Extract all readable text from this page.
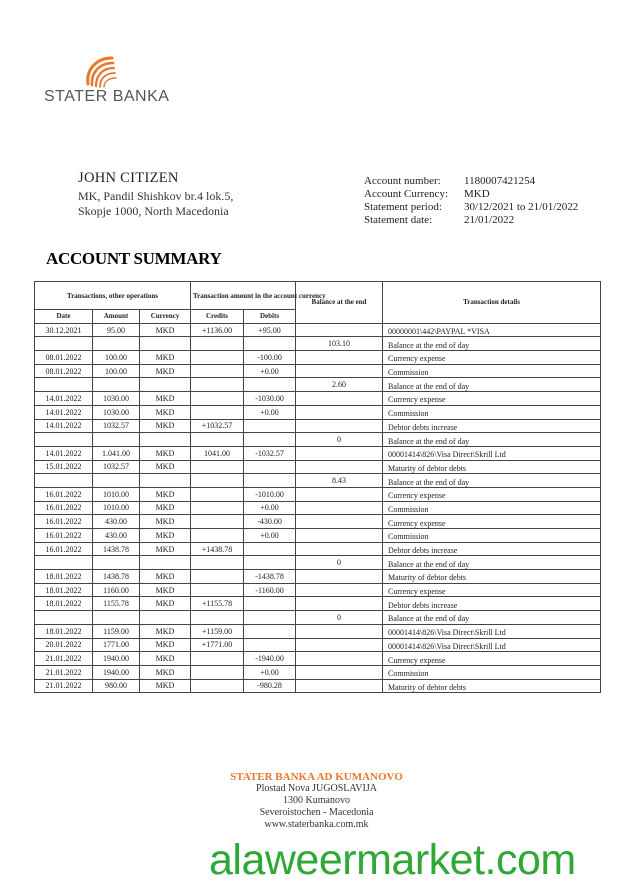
STATER BANKA
JOHN CITIZEN
MK, Pandil Shishkov br.4 lok.5,
Skopje 1000, North Macedonia
Account number:	1180007421254
Account Currency:	MKD
Statement period:	30/12/2021 to 21/01/2022
Statement date:	21/01/2022
ACCOUNT SUMMARY
Transactions, other operations			Transaction amount in the account currency		Balance at the end	Transaction details
Date	Amount	Currency	Credits	Debits		
30.12.2021	95.00	MKD	+1136.00	+95.00		00000001\442\PAYPAL *VISA
					103.10	Balance at the end of day
08.01.2022	100.00	MKD		-100.00		Currency expense
08.01.2022	100.00	MKD		+0.00		Commission
					2.60	Balance at the end of day
14.01.2022	1030.00	MKD		-1030.00		Currency expense
14.01.2022	1030.00	MKD		+0.00		Commission
14.01.2022	1032.57	MKD	+1032.57			Debtor debts increase
					0	Balance at the end of day
14.01.2022	1.041.00	MKD	1041.00	-1032.57		00001414\826\Visa Direct\Skrill Ltd
15.01.2022	1032.57	MKD				Maturity of debtor debts
					8.43	Balance at the end of day
16.01.2022	1010.00	MKD		-1010.00		Currency expense
16.01.2022	1010.00	MKD		+0.00		Commission
16.01.2022	430.00	MKD		-430.00		Currency expense
16.01.2022	430.00	MKD		+0.00		Commission
16.01.2022	1438.78	MKD	+1438.78			Debtor debts increase
					0	Balance at the end of day
18.01.2022	1438.78	MKD		-1438.78		Maturity of debtor debts
18.01.2022	1160.00	MKD		-1160.00		Currency expense
18.01.2022	1155.78	MKD	+1155.78			Debtor debts increase
					0	Balance at the end of day
18.01.2022	1159.00	MKD	+1159.00			00001414\826\Visa Direct\Skrill Ltd
20.01.2022	1771.00	MKD	+1771.00			00001414\826\Visa Direct\Skrill Ltd
21.01.2022	1940.00	MKD		-1940.00		Currency expense
21.01.2022	1940.00	MKD		+0.00		Commission
21.01.2022	980.00	MKD		-980.28		Maturity of debtor debts
STATER BANKA AD KUMANOVO
Plostad Nova JUGOSLAVIJA
1300 Kumanovo
Severoistochen - Macedonia
www.staterbanka.com.mk
alaweermarket.com
